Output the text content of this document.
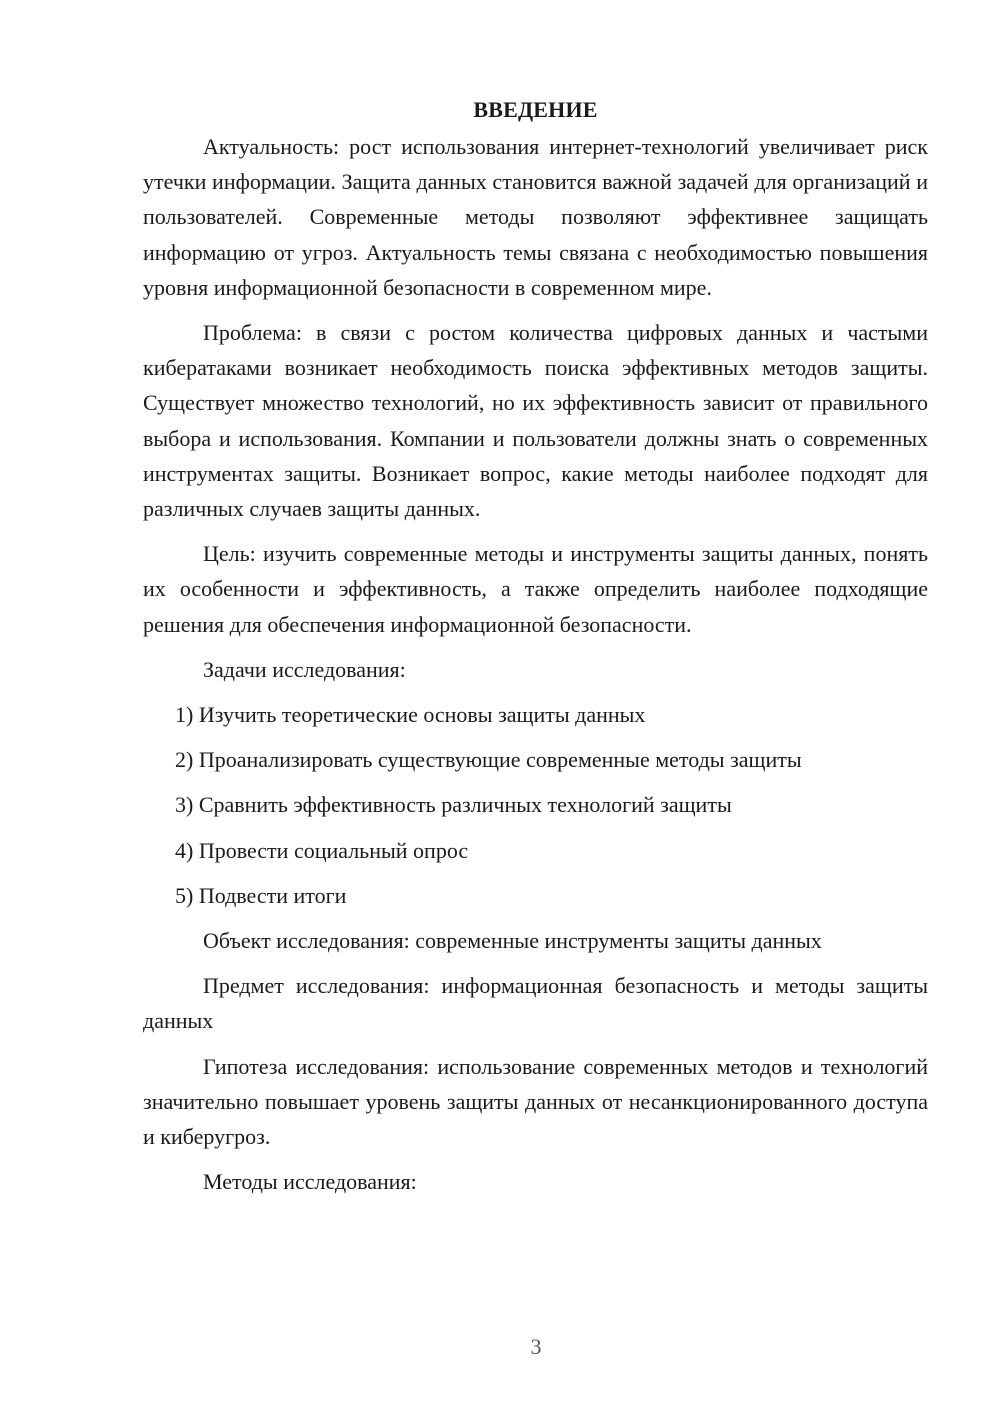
ВВЕДЕНИЕ

Актуальность: рост использования интернет-технологий увеличивает риск утечки информации. Защита данных становится важной задачей для организаций и пользователей. Современные методы позволяют эффективнее защищать информацию от угроз. Актуальность темы связана с необходимостью повышения уровня информационной безопасности в современном мире.

Проблема: в связи с ростом количества цифровых данных и частыми кибератаками возникает необходимость поиска эффективных методов защиты. Существует множество технологий, но их эффективность зависит от правильного выбора и использования. Компании и пользователи должны знать о современных инструментах защиты. Возникает вопрос, какие методы наиболее подходят для различных случаев защиты данных.

Цель: изучить современные методы и инструменты защиты данных, понять их особенности и эффективность, а также определить наиболее подходящие решения для обеспечения информационной безопасности.

Задачи исследования:
1) Изучить теоретические основы защиты данных
2) Проанализировать существующие современные методы защиты
3) Сравнить эффективность различных технологий защиты
4) Провести социальный опрос
5) Подвести итоги
Объект исследования: современные инструменты защиты данных

Предмет исследования: информационная безопасность и методы защиты данных

Гипотеза исследования: использование современных методов и технологий значительно повышает уровень защиты данных от несанкционированного доступа и киберугроз.

Методы исследования:
3
